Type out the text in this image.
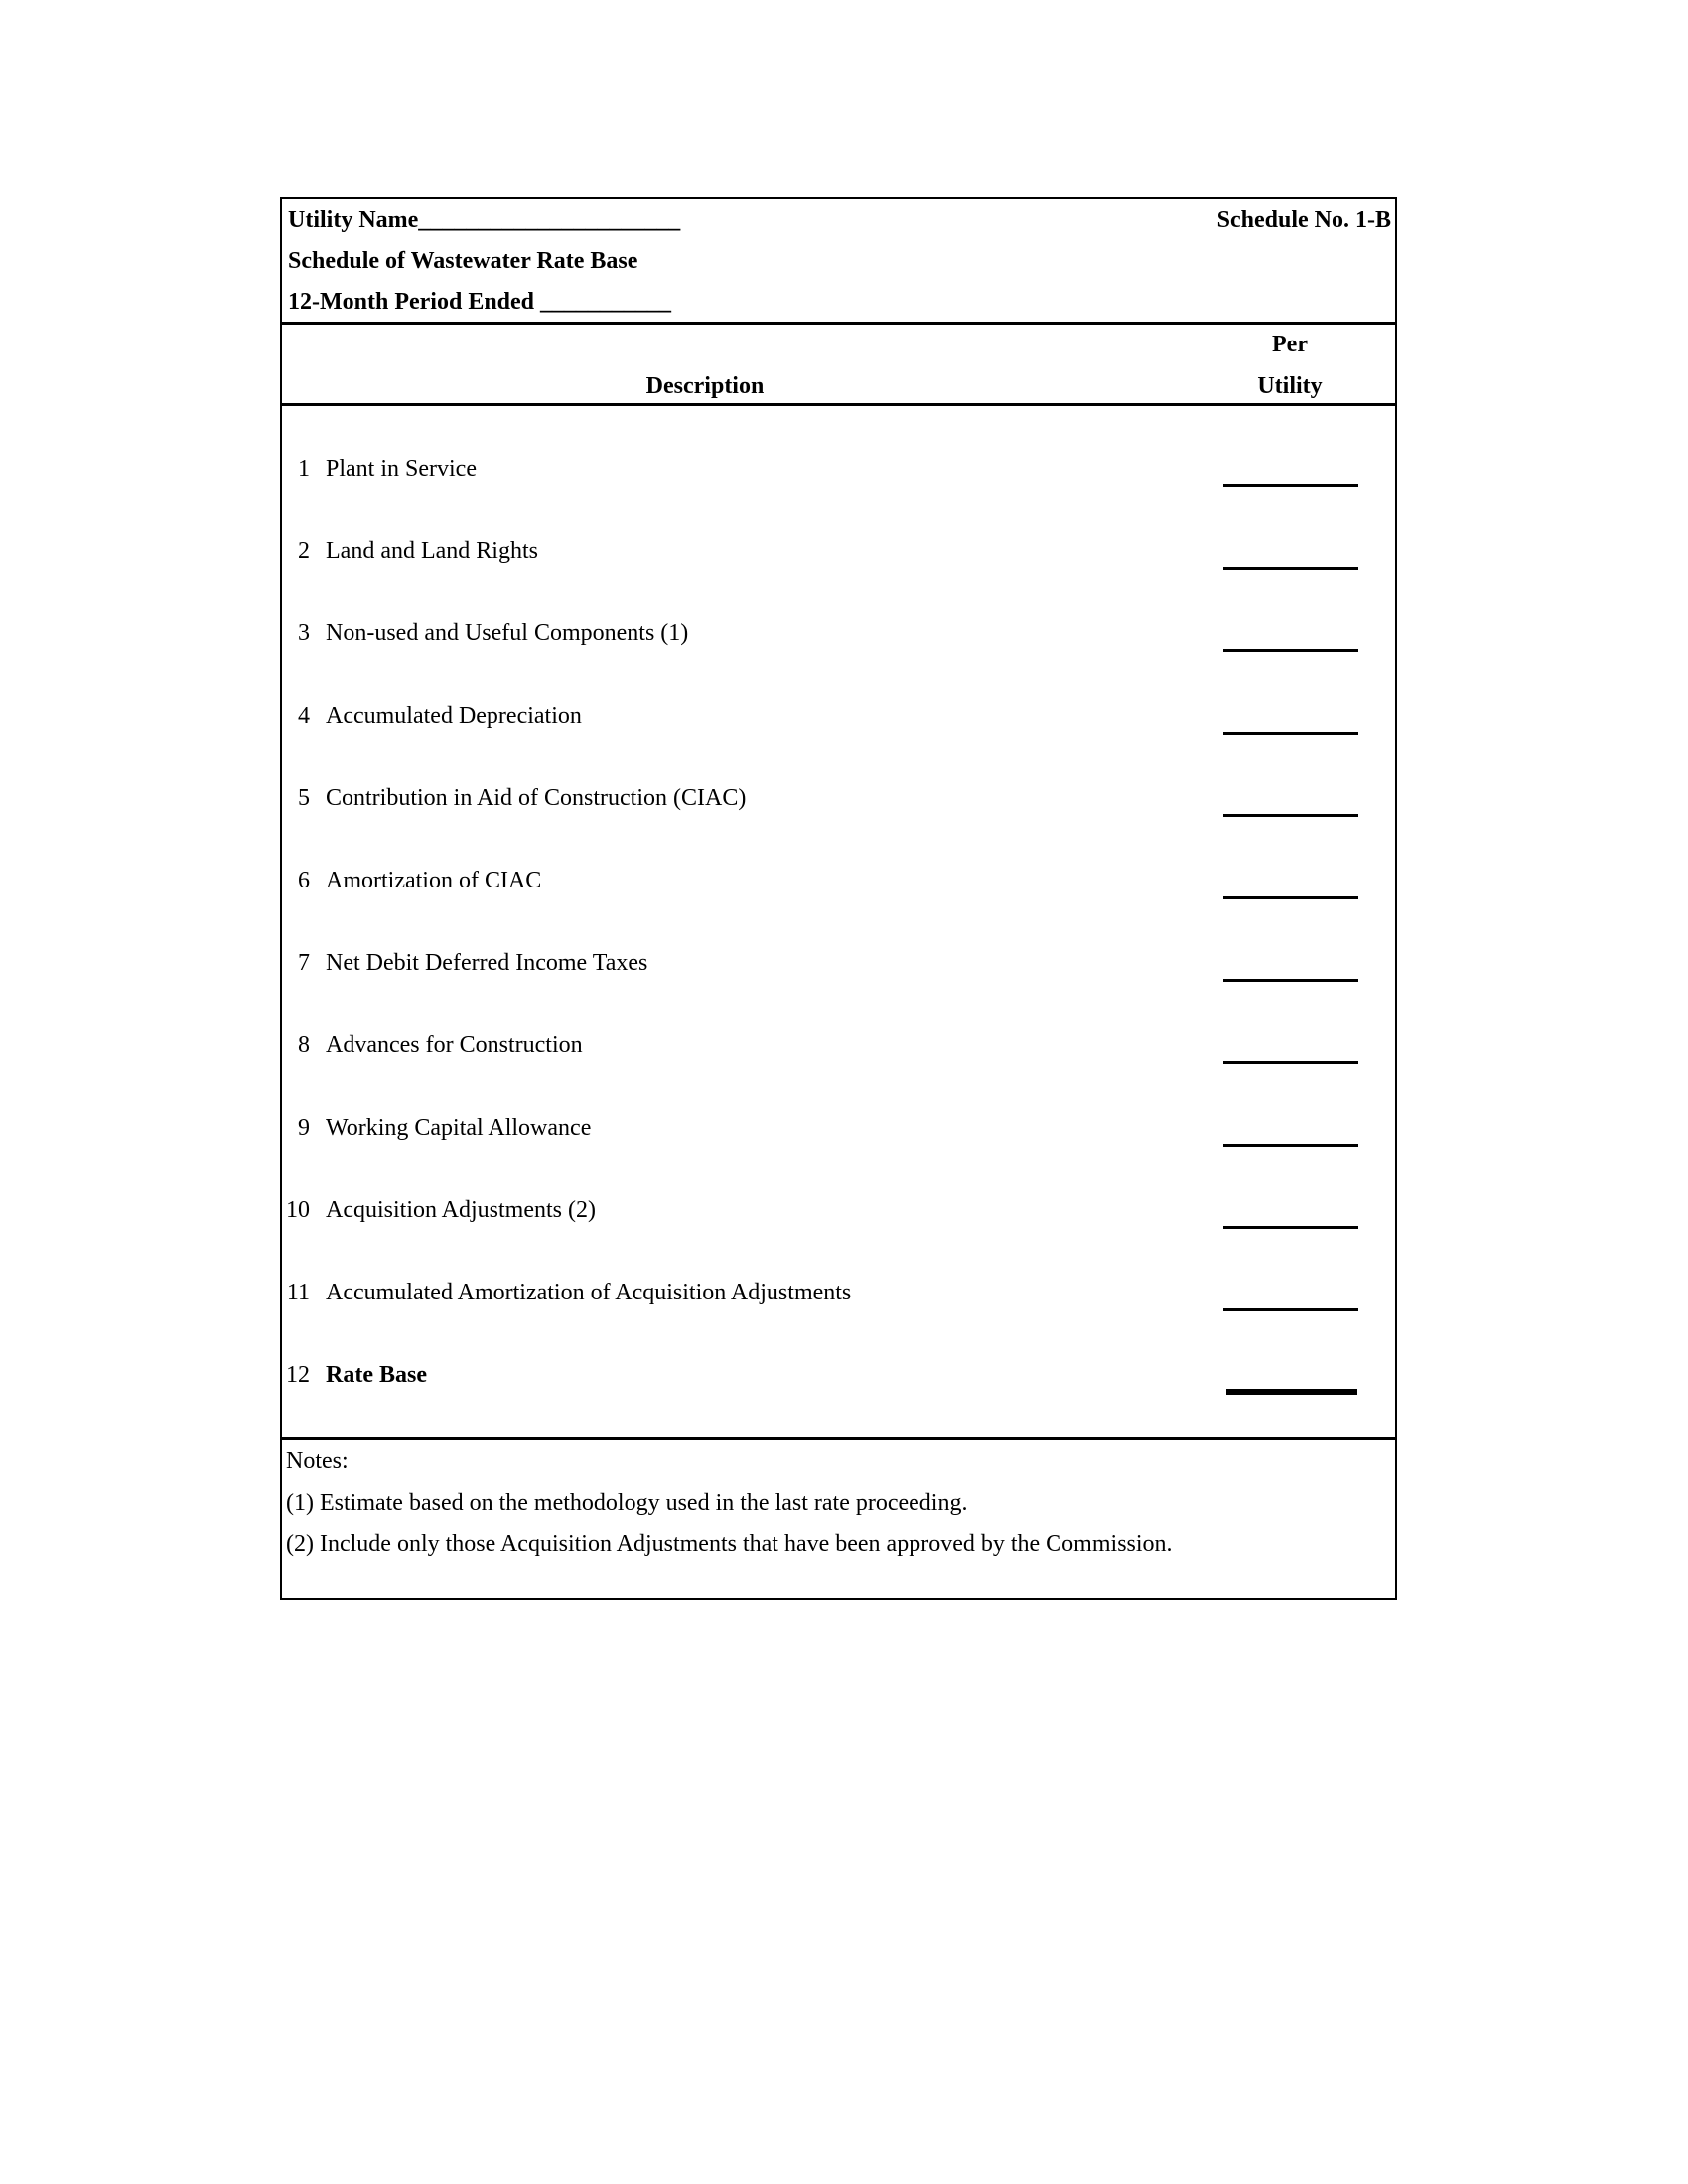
Utility Name______________________	Schedule No. 1-B
Schedule of Wastewater Rate Base
12-Month Period Ended ___________
Per
Description	Utility
1 Plant in Service
2 Land and Land Rights
3 Non-used and Useful Components (1)
4 Accumulated Depreciation
5 Contribution in Aid of Construction (CIAC)
6 Amortization of CIAC
7 Net Debit Deferred Income Taxes
8 Advances for Construction
9 Working Capital Allowance
10 Acquisition Adjustments (2)
11 Accumulated Amortization of Acquisition Adjustments
12 Rate Base
Notes:
(1) Estimate based on the methodology used in the last rate proceeding.
(2) Include only those Acquisition Adjustments that have been approved by the Commission.
